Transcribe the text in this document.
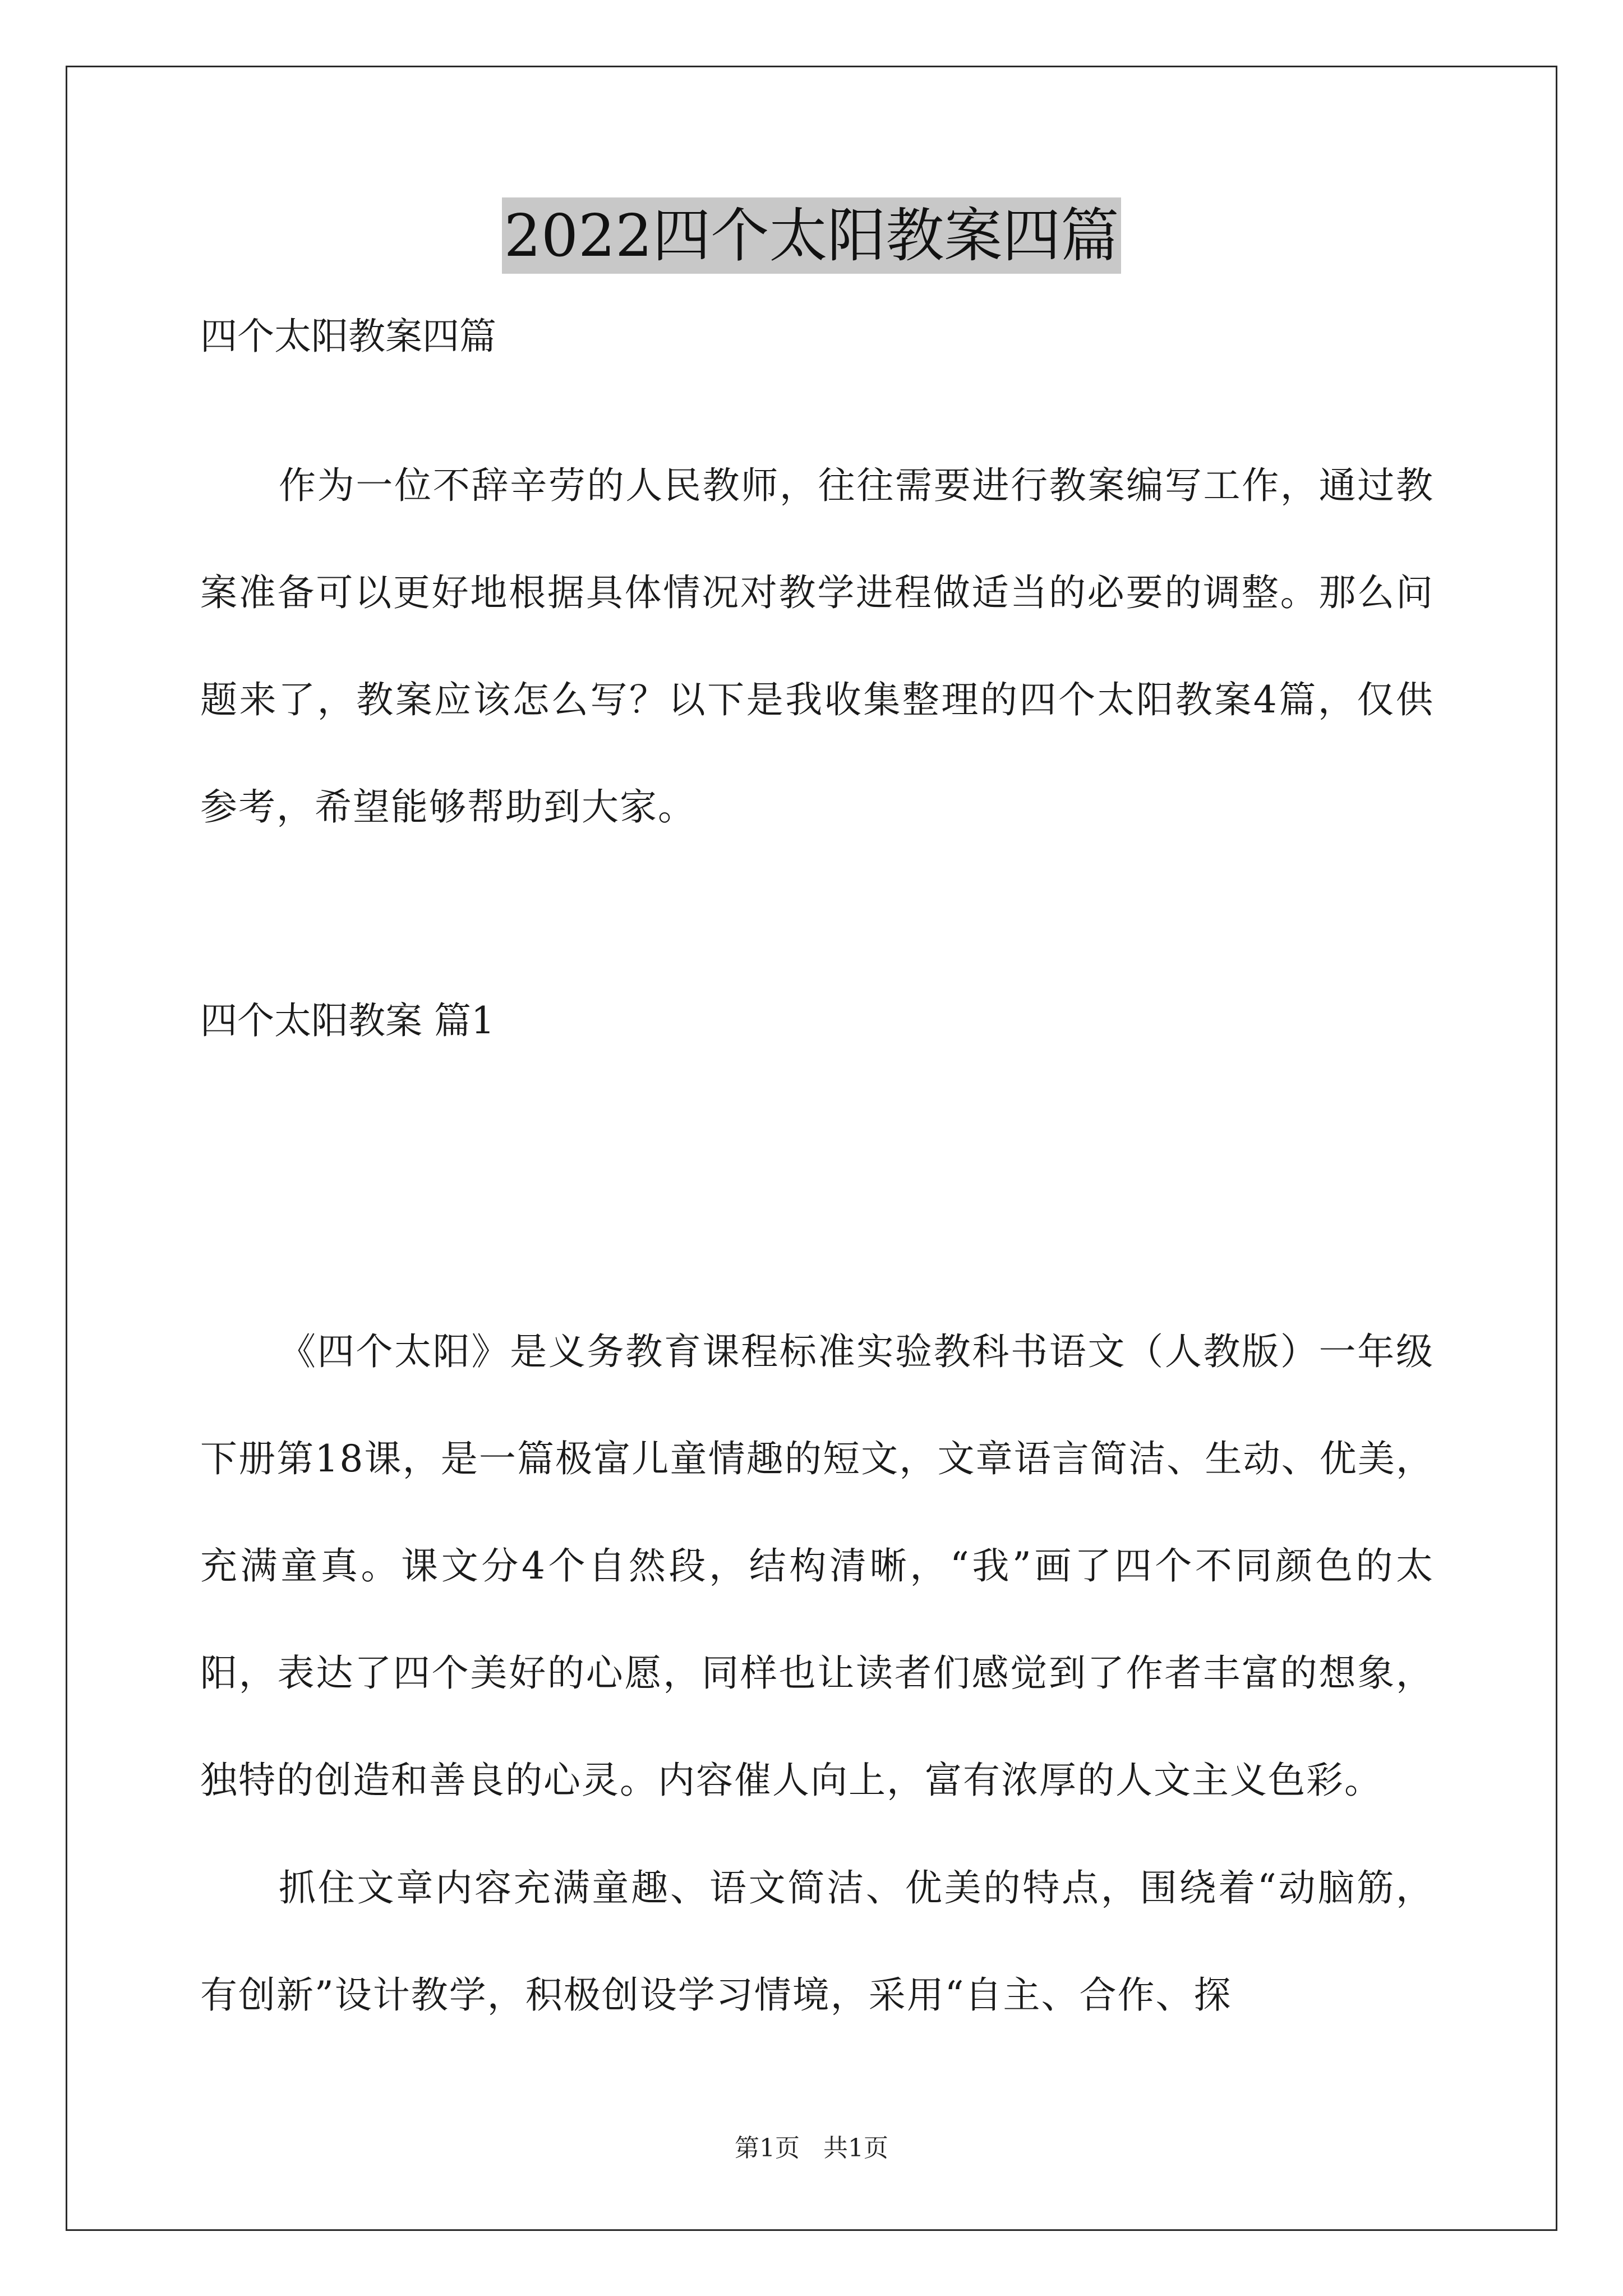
2022四个太阳教案四篇

四个太阳教案四篇

作为一位不辞辛劳的人民教师，往往需要进行教案编写工作，通过教案准备可以更好地根据具体情况对教学进程做适当的必要的调整。那么问题来了，教案应该怎么写？以下是我收集整理的四个太阳教案4篇，仅供参考，希望能够帮助到大家。

四个太阳教案 篇1

《四个太阳》是义务教育课程标准实验教科书语文（人教版）一年级下册第18课，是一篇极富儿童情趣的短文，文章语言简洁、生动、优美，充满童真。课文分4个自然段，结构清晰，“我”画了四个不同颜色的太阳，表达了四个美好的心愿，同样也让读者们感觉到了作者丰富的想象，独特的创造和善良的心灵。内容催人向上，富有浓厚的人文主义色彩。

抓住文章内容充满童趣、语文简洁、优美的特点，围绕着“动脑筋，有创新”设计教学，积极创设学习情境，采用“自主、合作、探

第1页   共1页
